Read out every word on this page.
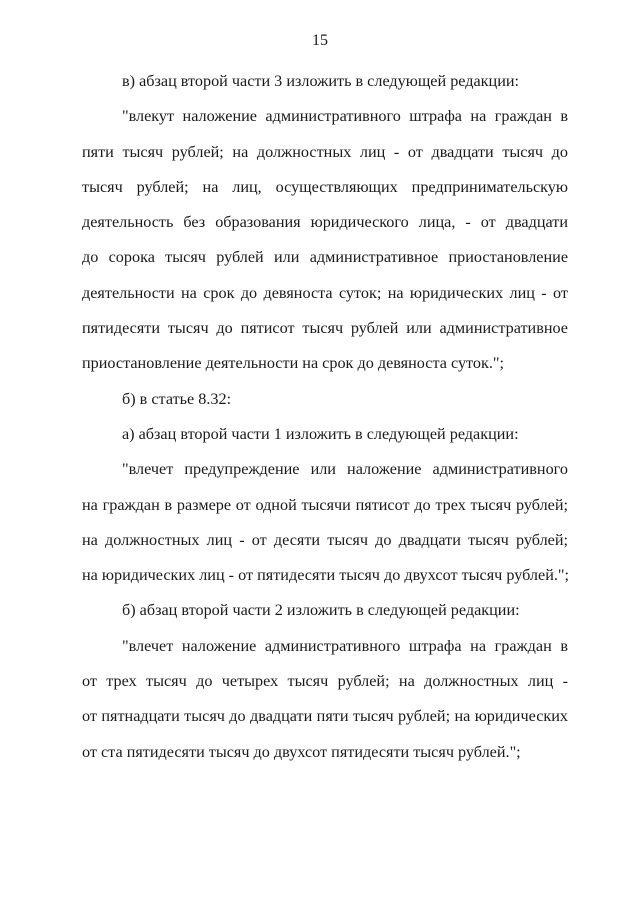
15
в) абзац второй части 3 изложить в следующей редакции:
"влекут наложение административного штрафа на граждан в
пяти тысяч рублей; на должностных лиц - от двадцати тысяч до
тысяч рублей; на лиц, осуществляющих предпринимательскую
деятельность без образования юридического лица, - от двадцати
до сорока тысяч рублей или административное приостановление
деятельности на срок до девяноста суток; на юридических лиц - от
пятидесяти тысяч до пятисот тысяч рублей или административное
приостановление деятельности на срок до девяноста суток.";
б) в статье 8.32:
а) абзац второй части 1 изложить в следующей редакции:
"влечет предупреждение или наложение административного
на граждан в размере от одной тысячи пятисот до трех тысяч рублей;
на должностных лиц - от десяти тысяч до двадцати тысяч рублей;
на юридических лиц - от пятидесяти тысяч до двухсот тысяч рублей.";
б) абзац второй части 2 изложить в следующей редакции:
"влечет наложение административного штрафа на граждан в
от трех тысяч до четырех тысяч рублей; на должностных лиц -
от пятнадцати тысяч до двадцати пяти тысяч рублей; на юридических
от ста пятидесяти тысяч до двухсот пятидесяти тысяч рублей.";
